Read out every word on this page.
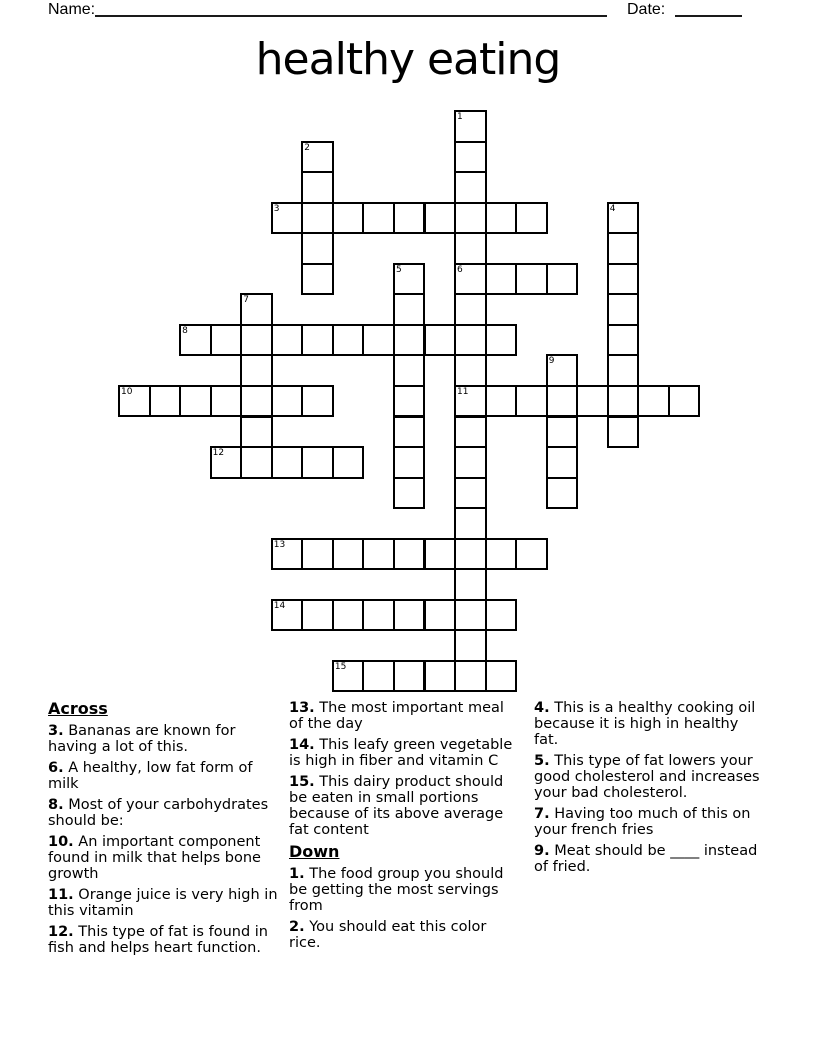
Name:	Date:
healthy eating
1
2
3	4
5	6
7
8
9
10	11
12
13
14
15
Across
3. Bananas are known for having a lot of this.
6. A healthy, low fat form of milk
8. Most of your carbohydrates should be:
10. An important component found in milk that helps bone growth
11. Orange juice is very high in this vitamin
12. This type of fat is found in fish and helps heart function.
13. The most important meal of the day
14. This leafy green vegetable is high in fiber and vitamin C
15. This dairy product should be eaten in small portions because of its above average fat content
Down
1. The food group you should be getting the most servings from
2. You should eat this color rice.
4. This is a healthy cooking oil because it is high in healthy fat.
5. This type of fat lowers your good cholesterol and increases your bad cholesterol.
7. Having too much of this on your french fries
9. Meat should be ____ instead of fried.
